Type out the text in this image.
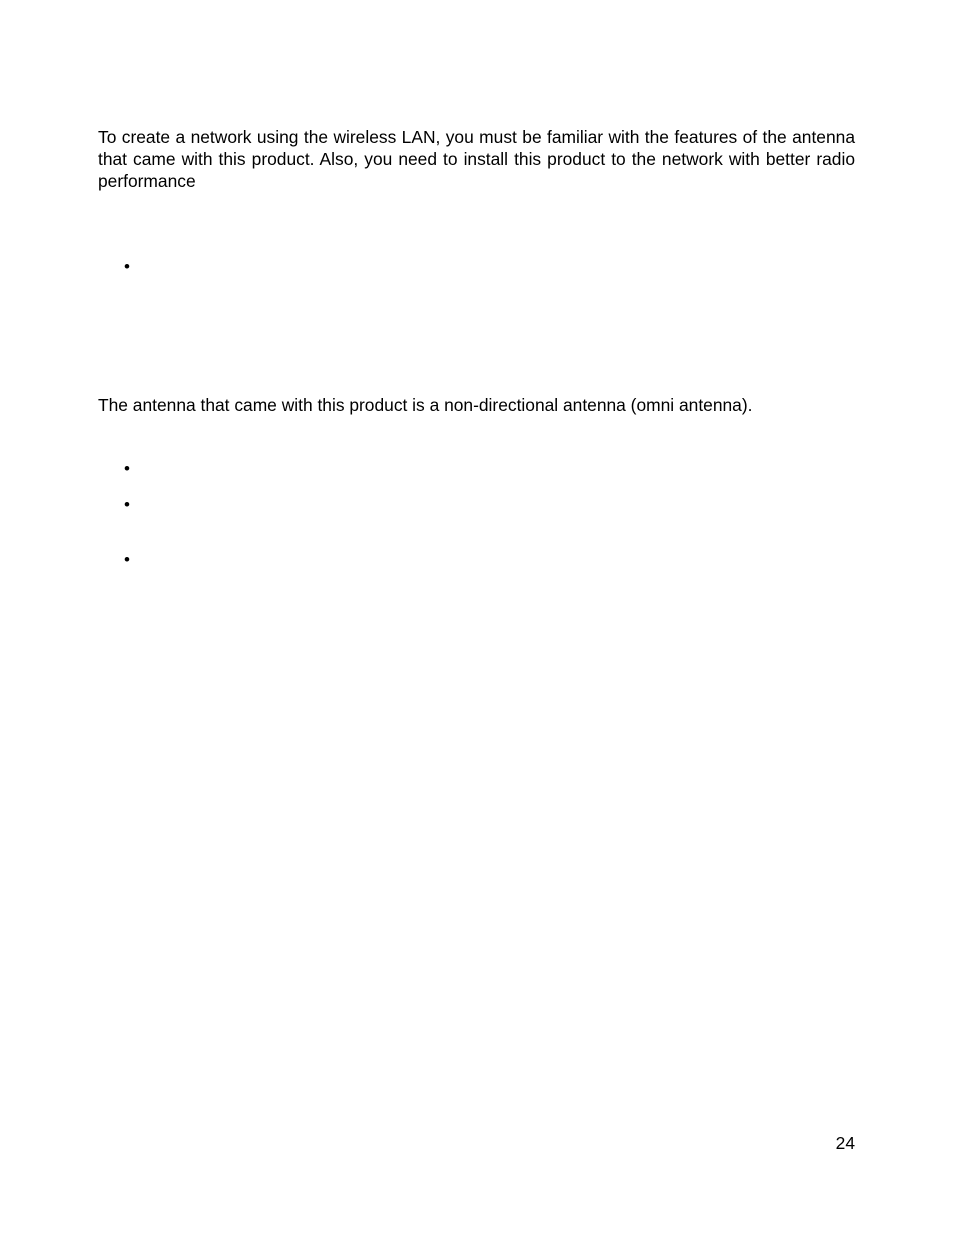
To create a network using the wireless LAN, you must be familiar with the features of the antenna that came with this product. Also, you need to install this product to the network with better radio performance

•

The antenna that came with this product is a non-directional antenna (omni antenna).

•
•
•
24
